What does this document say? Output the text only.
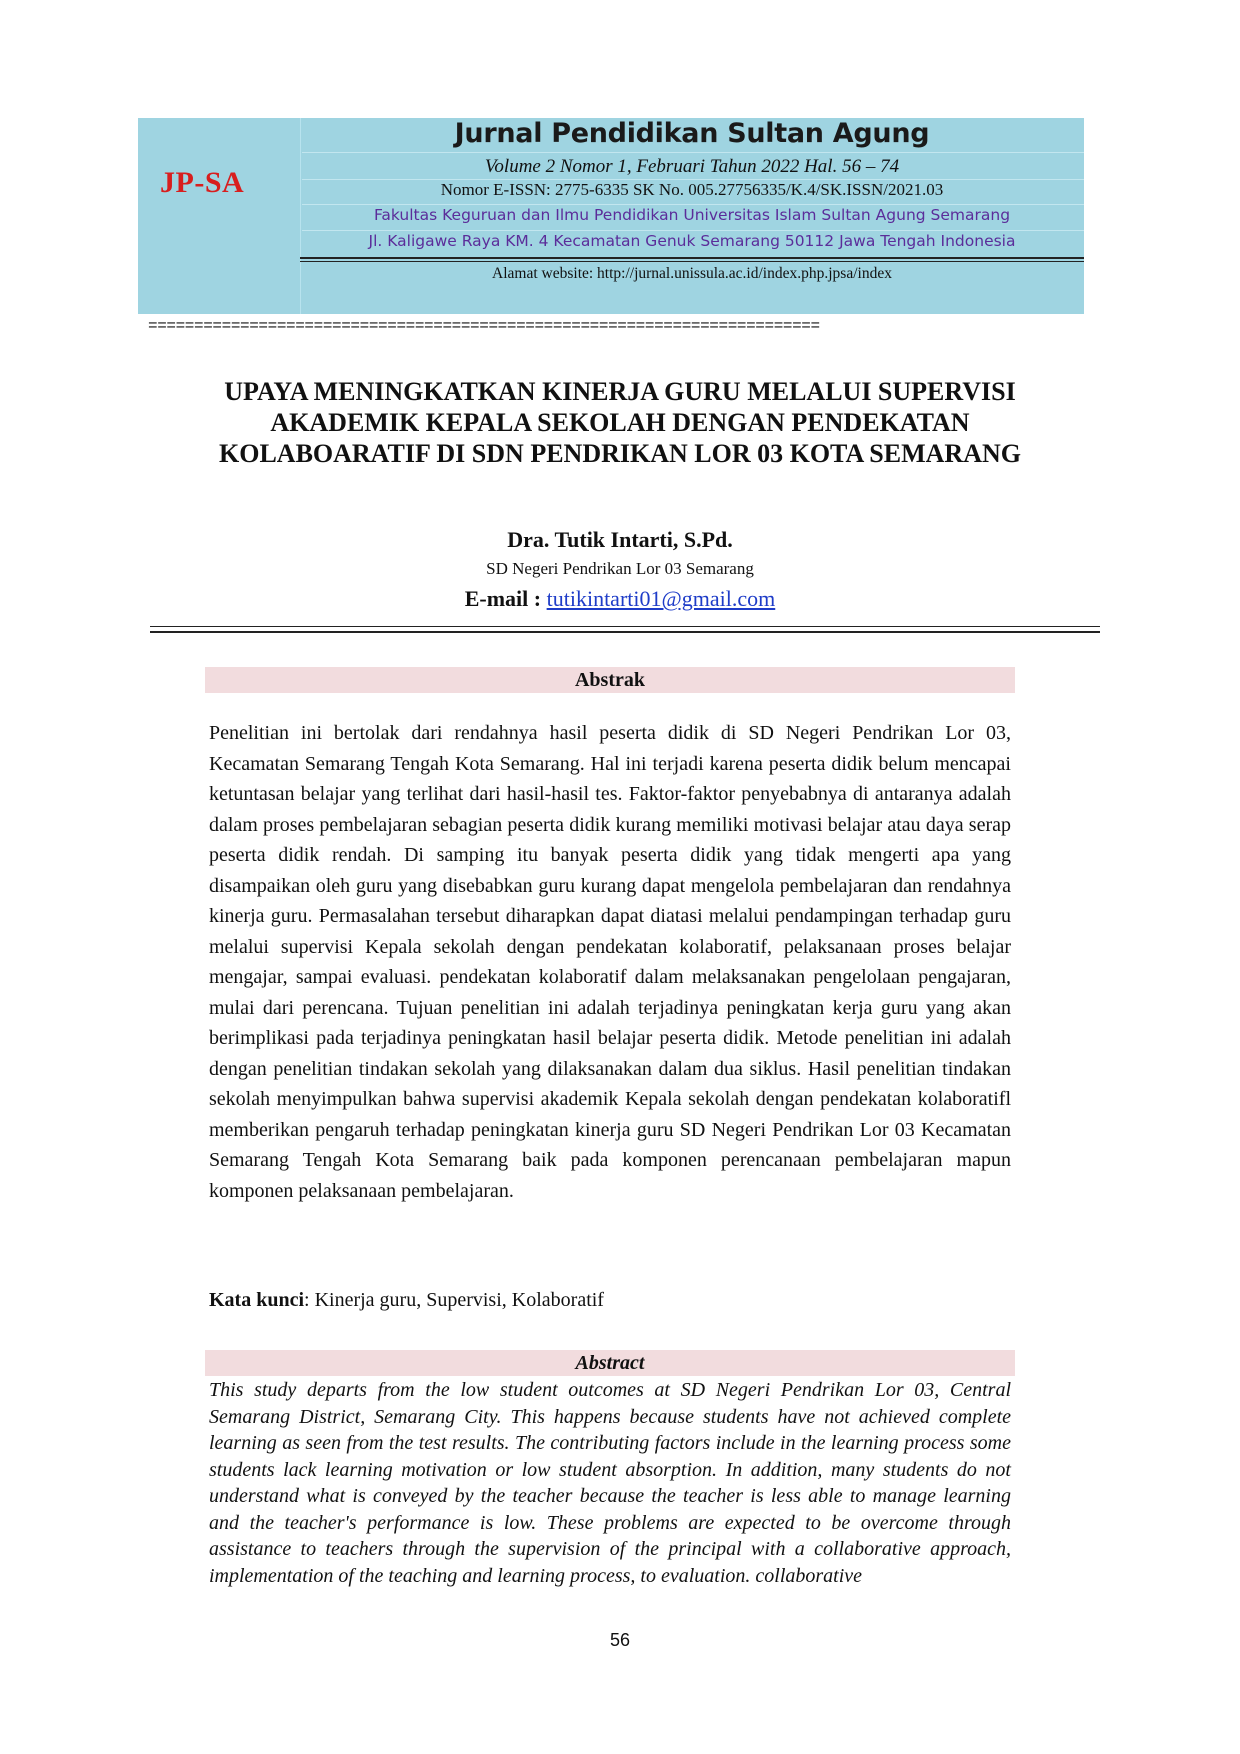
JP-SA
Jurnal Pendidikan Sultan Agung
Volume 2 Nomor 1, Februari Tahun 2022 Hal. 56 – 74
Nomor E-ISSN: 2775-6335 SK No. 005.27756335/K.4/SK.ISSN/2021.03
Fakultas Keguruan dan Ilmu Pendidikan Universitas Islam Sultan Agung Semarang
Jl. Kaligawe Raya KM. 4 Kecamatan Genuk Semarang 50112 Jawa Tengah Indonesia
Alamat website: http://jurnal.unissula.ac.id/index.php.jpsa/index
=========================================================================
UPAYA MENINGKATKAN KINERJA GURU MELALUI SUPERVISI
AKADEMIK KEPALA SEKOLAH DENGAN PENDEKATAN
KOLABOARATIF DI SDN PENDRIKAN LOR 03 KOTA SEMARANG
Dra. Tutik Intarti, S.Pd.
SD Negeri Pendrikan Lor 03 Semarang
E-mail : tutikintarti01@gmail.com
Abstrak
Penelitian ini bertolak dari rendahnya hasil peserta didik di SD Negeri Pendrikan Lor 03, Kecamatan Semarang Tengah Kota Semarang. Hal ini terjadi karena peserta didik belum mencapai ketuntasan belajar yang terlihat dari hasil-hasil tes. Faktor-faktor penyebabnya di antaranya adalah dalam proses pembelajaran sebagian peserta didik kurang memiliki motivasi belajar atau daya serap peserta didik rendah. Di samping itu banyak peserta didik yang tidak mengerti apa yang disampaikan oleh guru yang disebabkan guru kurang dapat mengelola pembelajaran dan rendahnya kinerja guru. Permasalahan tersebut diharapkan dapat diatasi melalui pendampingan terhadap guru melalui supervisi Kepala sekolah dengan pendekatan kolaboratif, pelaksanaan proses belajar mengajar, sampai evaluasi. pendekatan kolaboratif dalam melaksanakan pengelolaan pengajaran, mulai dari perencana. Tujuan penelitian ini adalah terjadinya peningkatan kerja guru yang akan berimplikasi pada terjadinya peningkatan hasil belajar peserta didik. Metode penelitian ini adalah dengan penelitian tindakan sekolah yang dilaksanakan dalam dua siklus. Hasil penelitian tindakan sekolah menyimpulkan bahwa supervisi akademik Kepala sekolah dengan pendekatan kolaboratifl memberikan pengaruh terhadap peningkatan kinerja guru SD Negeri Pendrikan Lor 03 Kecamatan Semarang Tengah Kota Semarang baik pada komponen perencanaan pembelajaran mapun komponen pelaksanaan pembelajaran.
Kata kunci: Kinerja guru, Supervisi, Kolaboratif
Abstract
This study departs from the low student outcomes at SD Negeri Pendrikan Lor 03, Central Semarang District, Semarang City. This happens because students have not achieved complete learning as seen from the test results. The contributing factors include in the learning process some students lack learning motivation or low student absorption. In addition, many students do not understand what is conveyed by the teacher because the teacher is less able to manage learning and the teacher's performance is low. These problems are expected to be overcome through assistance to teachers through the supervision of the principal with a collaborative approach, implementation of the teaching and learning process, to evaluation. collaborative
56
